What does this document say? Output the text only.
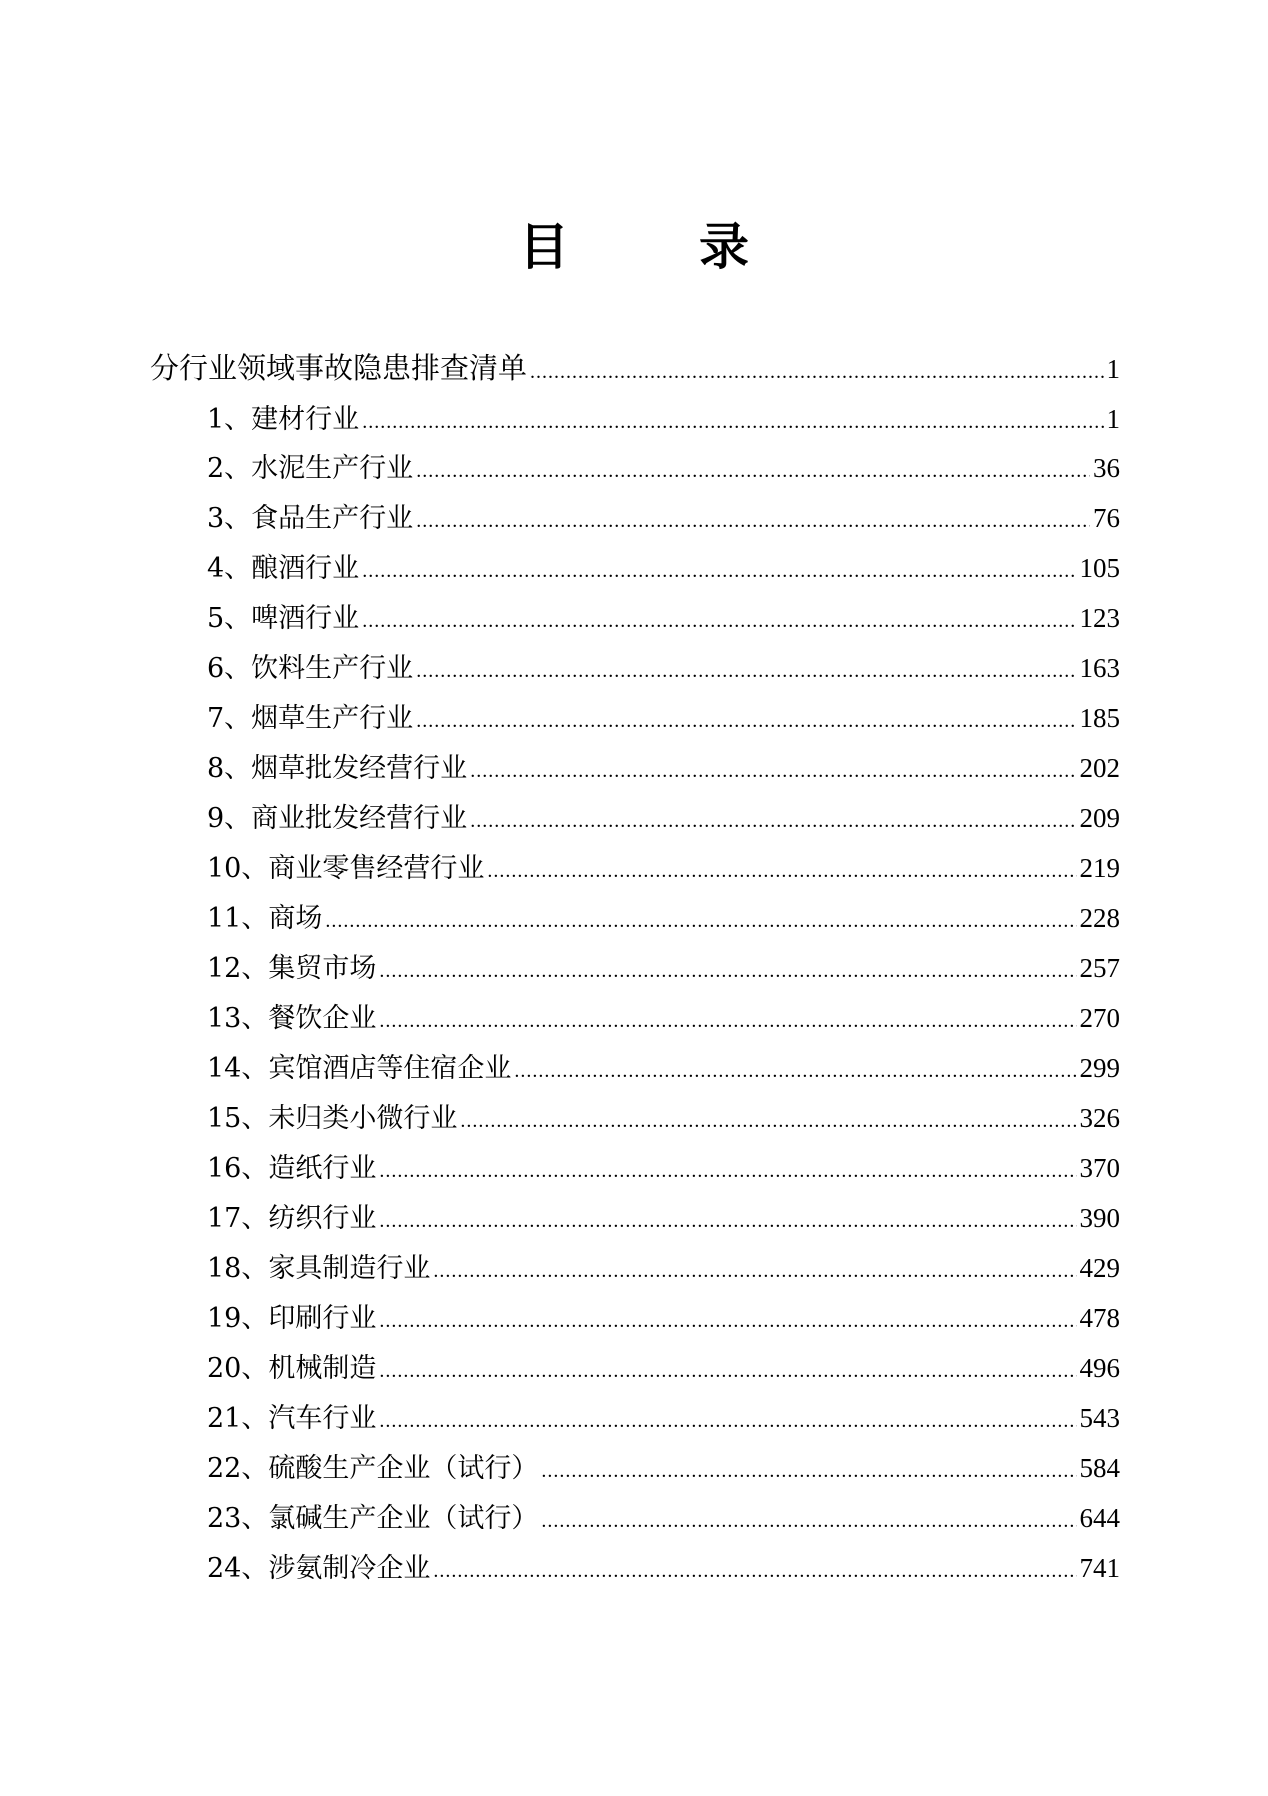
目　录
分行业领域事故隐患排查清单 .....	1
1、建材行业 .....	1
2、水泥生产行业 .....	36
3、食品生产行业 .....	76
4、酿酒行业 .....	105
5、啤酒行业 .....	123
6、饮料生产行业 .....	163
7、烟草生产行业 .....	185
8、烟草批发经营行业 .....	202
9、商业批发经营行业 .....	209
10、商业零售经营行业 .....	219
11、商场 .....	228
12、集贸市场 .....	257
13、餐饮企业 .....	270
14、宾馆酒店等住宿企业 .....	299
15、未归类小微行业 .....	326
16、造纸行业 .....	370
17、纺织行业 .....	390
18、家具制造行业 .....	429
19、印刷行业 .....	478
20、机械制造 .....	496
21、汽车行业 .....	543
22、硫酸生产企业（试行） .....	584
23、氯碱生产企业（试行） .....	644
24、涉氨制冷企业 .....	741
